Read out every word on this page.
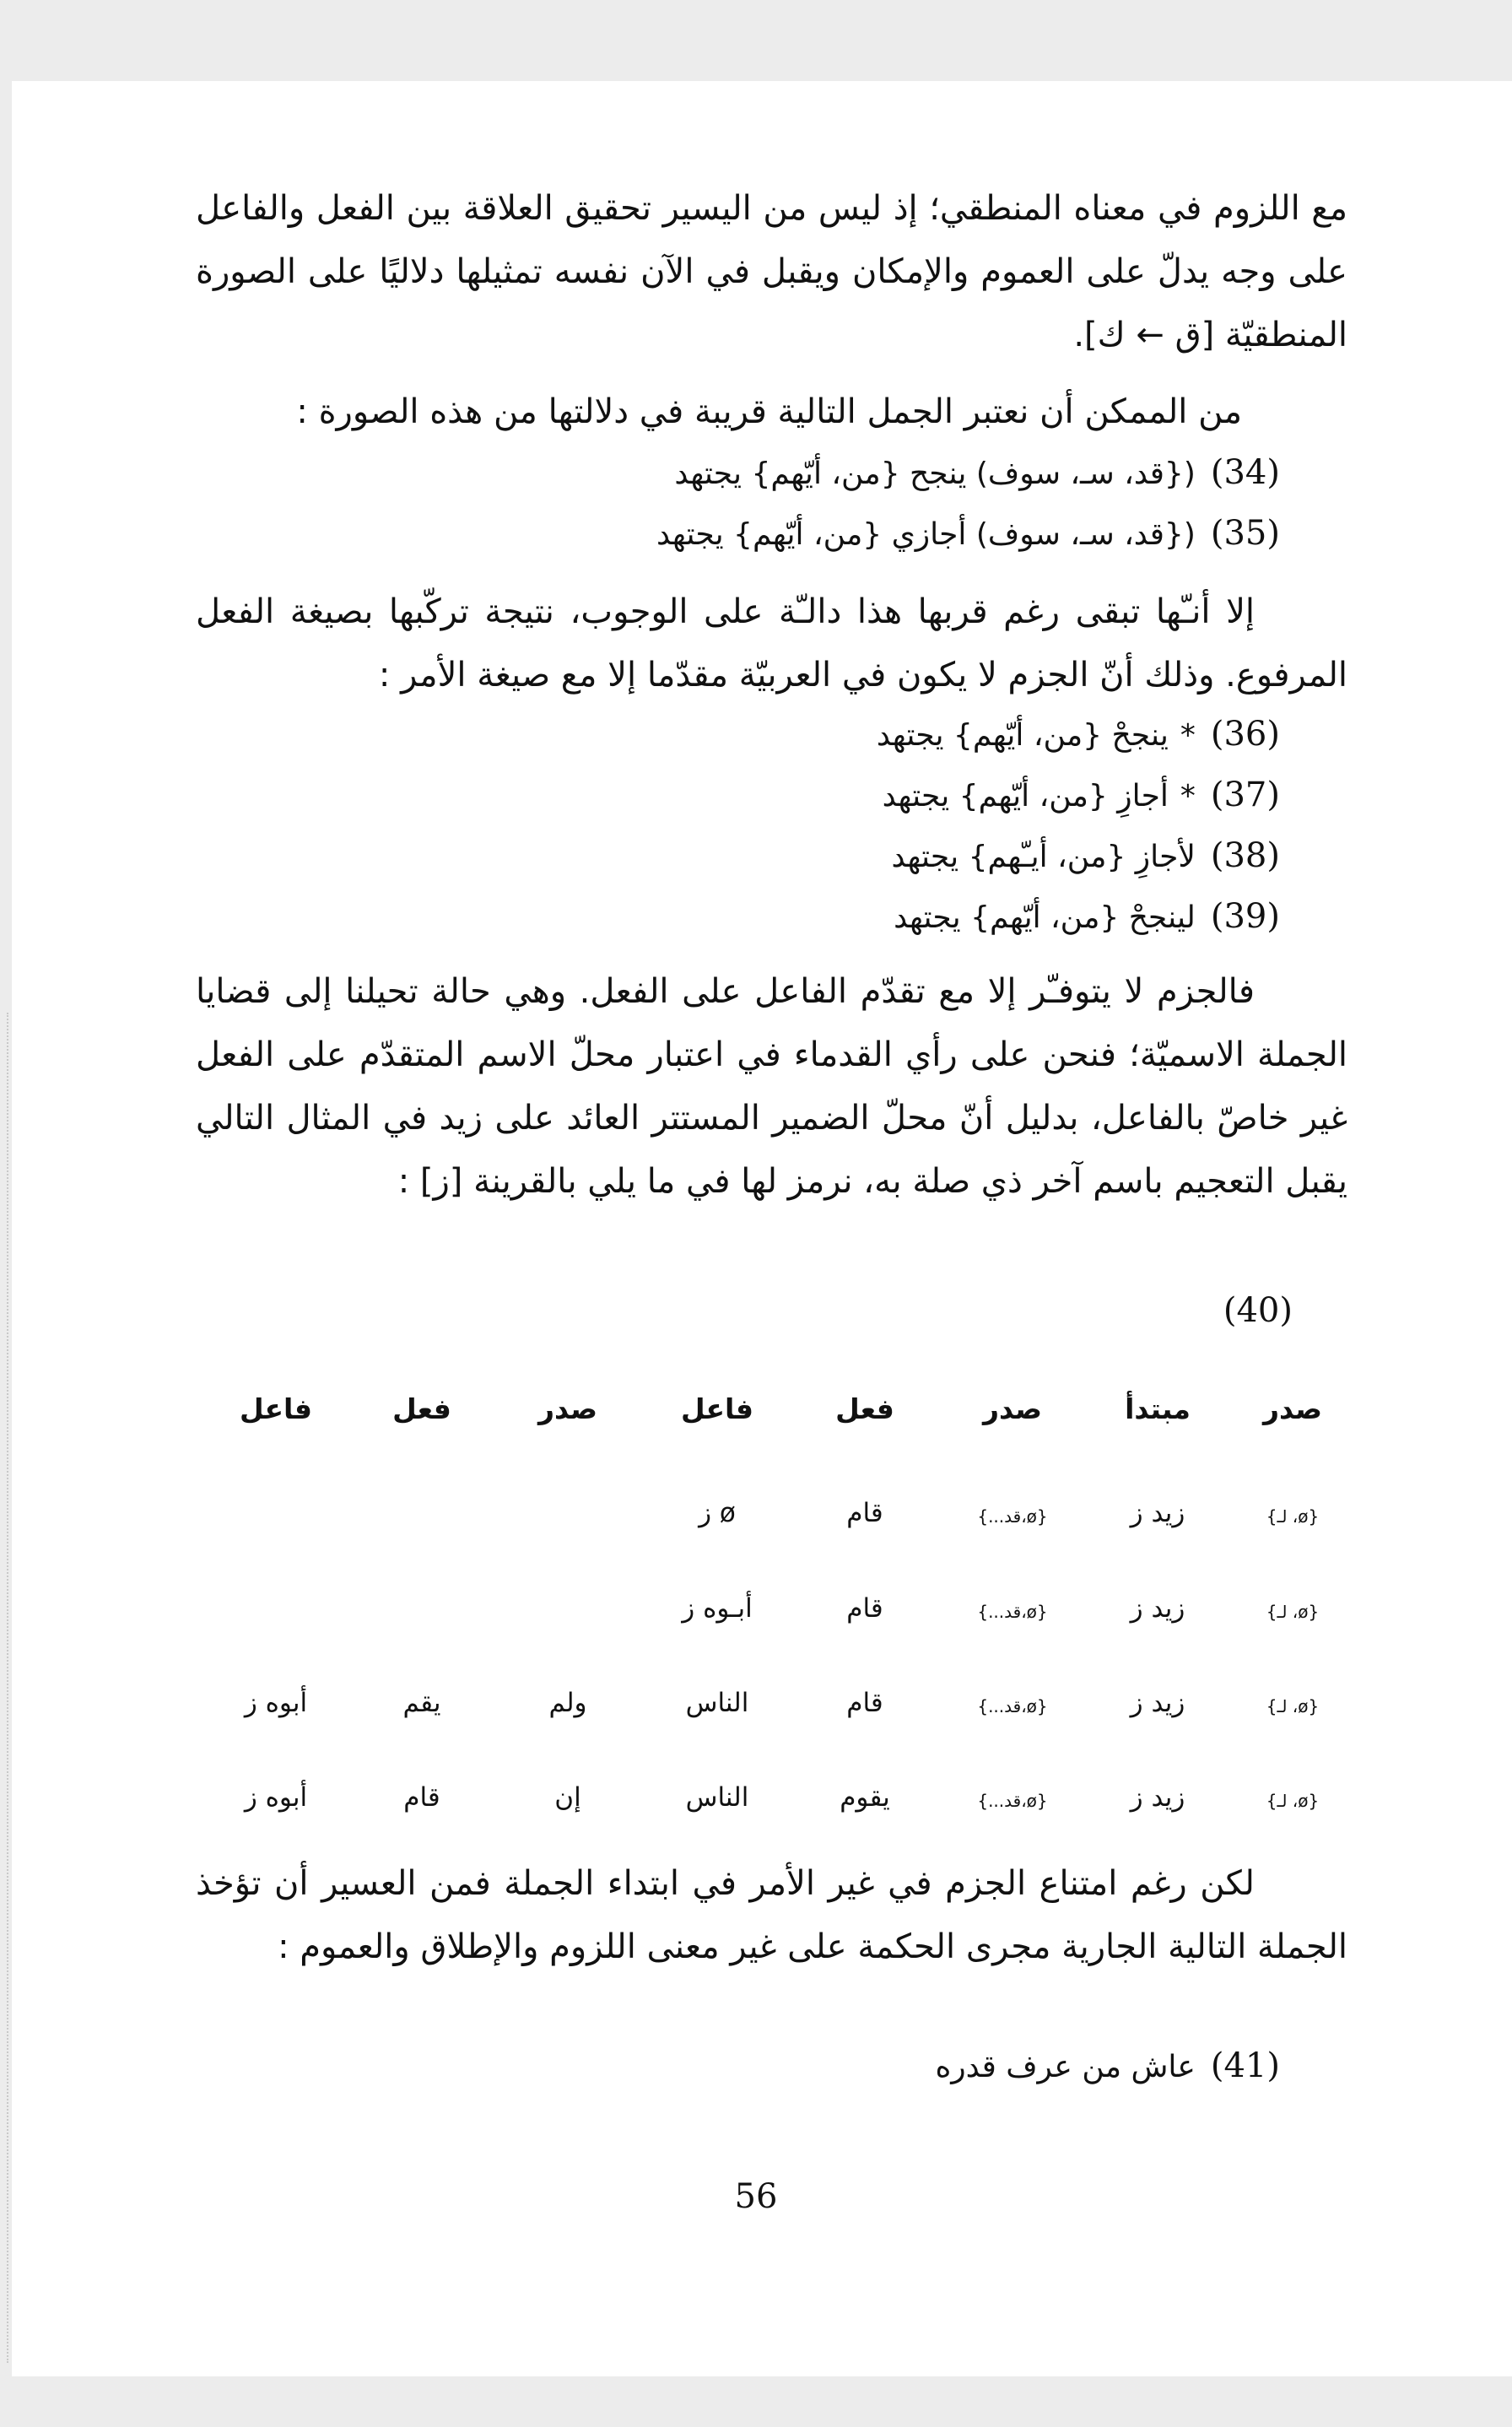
مع اللزوم في معناه المنطقي؛ إذ ليس من اليسير تحقيق العلاقة بين الفعل والفاعل على وجه يدلّ على العموم والإمكان ويقبل في الآن نفسه تمثيلها دلاليًا على الصورة المنطقيّة [ق ← ك].

من الممكن أن نعتبر الجمل التالية قريبة في دلالتها من هذه الصورة :
(34)({قد، سـ، سوف) ينجح {من، أيّهم} يجتهد
(35)({قد، سـ، سوف) أجازي {من، أيّهم} يجتهد

إلا أنـّها تبقى رغم قربها هذا دالـّة على الوجوب، نتيجة تركّبها بصيغة الفعل المرفوع. وذلك أنّ الجزم لا يكون في العربيّة مقدّما إلا مع صيغة الأمر :

(36)*ينجحْ {من، أيّهم} يجتهد
(37)*أجازِ {من، أيّهم} يجتهد
(38)لأجازِ {من، أيـّهم} يجتهد
(39)لينجحْ {من، أيّهم} يجتهد

فالجزم لا يتوفـّر إلا مع تقدّم الفاعل على الفعل. وهي حالة تحيلنا إلى قضايا الجملة الاسميّة؛ فنحن على رأي القدماء في اعتبار محلّ الاسم المتقدّم على الفعل غير خاصّ بالفاعل، بدليل أنّ محلّ الضمير المستتر العائد على زيد في المثال التالي يقبل التعجيم باسم آخر ذي صلة به، نرمز لها في ما يلي بالقرينة [ز] :

(40)
صدر
مبتدأ
صدر
فعل
فاعل
صدر
فعل
فاعل
{ø، لـ}
زيد ز
{ø،قد...}
قام
ø ز
{ø، لـ}
زيد ز
{ø،قد...}
قام
أبـوه ز
{ø، لـ}
زيد ز
{ø،قد...}
قام
الناس
ولم
يقم
أبوه ز
{ø، لـ}
زيد ز
{ø،قد...}
يقوم
الناس
إن
قام
أبوه ز

لكن رغم امتناع الجزم في غير الأمر في ابتداء الجملة فمن العسير أن تؤخذ الجملة التالية الجارية مجرى الحكمة على غير معنى اللزوم والإطلاق والعموم :

(41)عاش من عرف قدره
56
